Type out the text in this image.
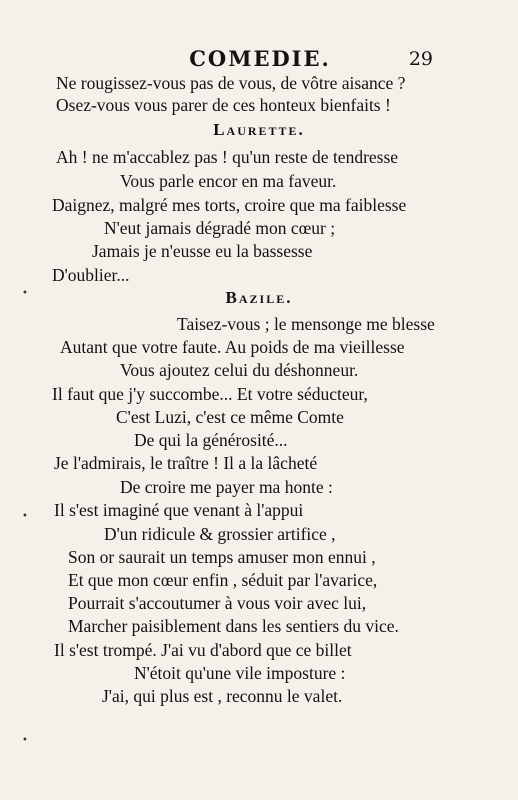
COMEDIE.	29
Ne rougissez-vous pas de vous, de vôtre aisance ?
Osez-vous vous parer de ces honteux bienfaits !
Laurette.
Ah ! ne m'accablez pas ! qu'un reste de tendresse
Vous parle encor en ma faveur.
Daignez, malgré mes torts, croire que ma faiblesse
N'eut jamais dégradé mon cœur ;
Jamais je n'eusse eu la bassesse
D'oublier...
Bazile.
Taisez-vous ; le mensonge me blesse
Autant que votre faute. Au poids de ma vieillesse
Vous ajoutez celui du déshonneur.
Il faut que j'y succombe... Et votre séducteur,
C'est Luzi, c'est ce même Comte
De qui la générosité...
Je l'admirais, le traître ! Il a la lâcheté
De croire me payer ma honte :
Il s'est imaginé que venant à l'appui
D'un ridicule & grossier artifice ,
Son or saurait un temps amuser mon ennui ,
Et que mon cœur enfin , séduit par l'avarice,
Pourrait s'accoutumer à vous voir avec lui,
Marcher paisiblement dans les sentiers du vice.
Il s'est trompé. J'ai vu d'abord que ce billet
N'étoit qu'une vile imposture :
J'ai, qui plus est , reconnu le valet.
•
•
•
